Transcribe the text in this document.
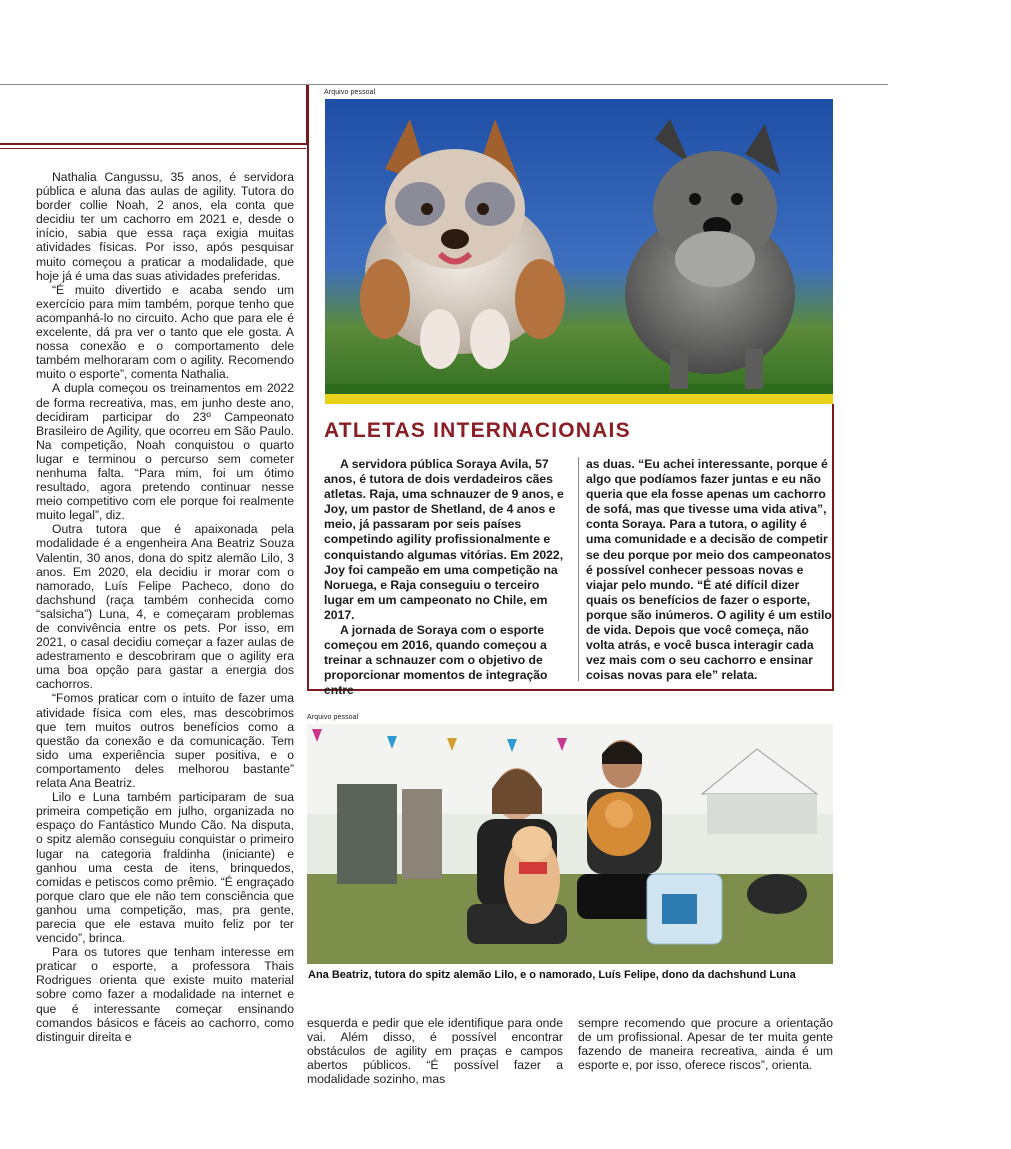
Arquivo pessoal
ATLETAS INTERNACIONAIS

A servidora pública Soraya Avila, 57 anos, é tutora de dois verdadeiros cães atletas. Raja, uma schnauzer de 9 anos, e Joy, um pastor de Shetland, de 4 anos e meio, já passaram por seis países competindo agility profissionalmente e conquistando algumas vitórias. Em 2022, Joy foi campeão em uma competição na Noruega, e Raja conseguiu o terceiro lugar em um campeonato no Chile, em 2017.

A jornada de Soraya com o esporte começou em 2016, quando começou a treinar a schnauzer com o objetivo de proporcionar momentos de integração entre

as duas. “Eu achei interessante, porque é algo que podíamos fazer juntas e eu não queria que ela fosse apenas um cachorro de sofá, mas que tivesse uma vida ativa”, conta Soraya. Para a tutora, o agility é uma comunidade e a decisão de competir se deu porque por meio dos campeonatos é possível conhecer pessoas novas e viajar pelo mundo. “É até difícil dizer quais os benefícios de fazer o esporte, porque são inúmeros. O agility é um estilo de vida. Depois que você começa, não volta atrás, e você busca interagir cada vez mais com o seu cachorro e ensinar coisas novas para ele” relata.

Nathalia Cangussu, 35 anos, é servidora pública e aluna das aulas de agility. Tutora do border collie Noah, 2 anos, ela conta que decidiu ter um cachorro em 2021 e, desde o início, sabia que essa raça exigia muitas atividades físicas. Por isso, após pesquisar muito começou a praticar a modalidade, que hoje já é uma das suas atividades preferidas.

“É muito divertido e acaba sendo um exercício para mim também, porque tenho que acompanhá-lo no circuito. Acho que para ele é excelente, dá pra ver o tanto que ele gosta. A nossa conexão e o comportamento dele também melhoraram com o agility. Recomendo muito o esporte”, comenta Nathalia.

A dupla começou os treinamentos em 2022 de forma recreativa, mas, em junho deste ano, decidiram participar do 23º Campeonato Brasileiro de Agility, que ocorreu em São Paulo. Na competição, Noah conquistou o quarto lugar e terminou o percurso sem cometer nenhuma falta. “Para mim, foi um ótimo resultado, agora pretendo continuar nesse meio competitivo com ele porque foi realmente muito legal”, diz.

Outra tutora que é apaixonada pela modalidade é a engenheira Ana Beatriz Souza Valentin, 30 anos, dona do spitz alemão Lilo, 3 anos. Em 2020, ela decidiu ir morar com o namorado, Luís Felipe Pacheco, dono do dachshund (raça também conhecida como “salsicha”) Luna, 4, e começaram problemas de convivência entre os pets. Por isso, em 2021, o casal decidiu começar a fazer aulas de adestramento e descobriram que o agility era uma boa opção para gastar a energia dos cachorros.

“Fomos praticar com o intuito de fazer uma atividade física com eles, mas descobrimos que tem muitos outros benefícios como a questão da conexão e da comunicação. Tem sido uma experiência super positiva, e o comportamento deles melhorou bastante” relata Ana Beatriz.

Lilo e Luna também participaram de sua primeira competição em julho, organizada no espaço do Fantástico Mundo Cão. Na disputa, o spitz alemão conseguiu conquistar o primeiro lugar na categoria fraldinha (iniciante) e ganhou uma cesta de itens, brinquedos, comidas e petiscos como prêmio. “É engraçado porque claro que ele não tem consciência que ganhou uma competição, mas, pra gente, parecia que ele estava muito feliz por ter vencido”, brinca.

Para os tutores que tenham interesse em praticar o esporte, a professora Thais Rodrigues orienta que existe muito material sobre como fazer a modalidade na internet e que é interessante começar ensinando comandos básicos e fáceis ao cachorro, como distinguir direita e

Arquivo pessoal
Ana Beatriz, tutora do spitz alemão Lilo, e o namorado, Luís Felipe, dono da dachshund Luna

esquerda e pedir que ele identifique para onde vai. Além disso, é possível encontrar obstáculos de agility em praças e campos abertos públicos. “É possível fazer a modalidade sozinho, mas

sempre recomendo que procure a orientação de um profissional. Apesar de ter muita gente fazendo de maneira recreativa, ainda é um esporte e, por isso, oferece riscos”, orienta.
